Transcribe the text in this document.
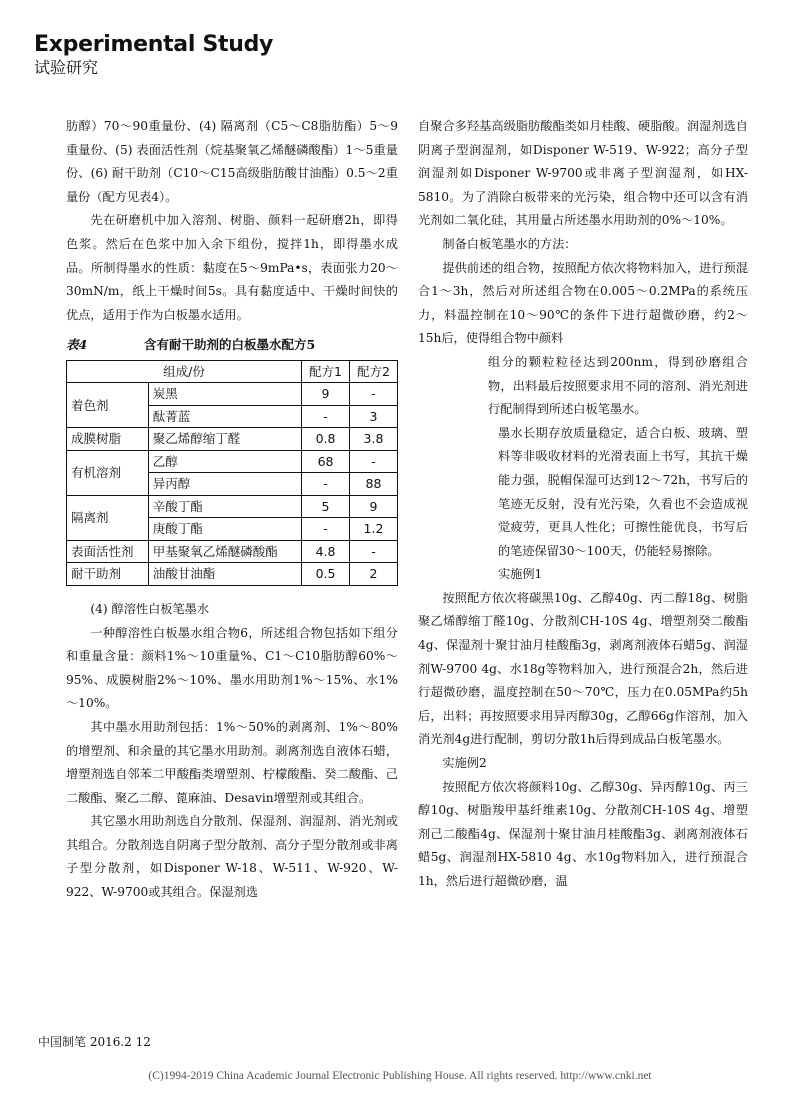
Experimental Study
试验研究

肪醇）70～90重量份、(4) 隔离剂（C5～C8脂肪酯）5～9重量份、(5) 表面活性剂（烷基聚氧乙烯醚磷酸酯）1～5重量份、(6) 耐干助剂（C10～C15高级脂肪酸甘油酯）0.5～2重量份（配方见表4）。

先在研磨机中加入溶剂、树脂、颜料一起研磨2h，即得色浆。然后在色浆中加入余下组份，搅拌1h，即得墨水成品。所制得墨水的性质：黏度在5～9mPa•s，表面张力20～30mN/m，纸上干燥时间5s。具有黏度适中、干燥时间快的优点，适用于作为白板墨水适用。

表4	含有耐干助剂的白板墨水配方5
组成/份		配方1	配方2
着色剂	炭黑	9	-
	酞菁蓝	-	3
成膜树脂	聚乙烯醇缩丁醛	0.8	3.8
有机溶剂	乙醇	68	-
	异丙醇	-	88
隔离剂	辛酸丁酯	5	9
	庚酸丁酯	-	1.2
表面活性剂	甲基聚氧乙烯醚磷酸酯	4.8	-
耐干助剂	油酸甘油酯	0.5	2

(4) 醇溶性白板笔墨水

一种醇溶性白板墨水组合物6，所述组合物包括如下组分和重量含量：颜料1%～10重量%、C1～C10脂肪醇60%～95%、成膜树脂2%～10%、墨水用助剂1%～15%、水1%～10%。

其中墨水用助剂包括：1%～50%的剥离剂、1%～80%的增塑剂、和余量的其它墨水用助剂。剥离剂选自液体石蜡，增塑剂选自邻苯二甲酸酯类增塑剂、柠檬酸酯、癸二酸酯、己二酸酯、聚乙二醇、蓖麻油、Desavin增塑剂或其组合。

其它墨水用助剂选自分散剂、保湿剂、润湿剂、消光剂或其组合。分散剂选自阴离子型分散剂、高分子型分散剂或非离子型分散剂，如Disponer W-18、W-511、W-920、W-922、W-9700或其组合。保湿剂选

自聚合多羟基高级脂肪酸酯类如月桂酸、硬脂酸。润湿剂选自阴离子型润湿剂，如Disponer W-519、W-922；高分子型润湿剂如Disponer W-9700或非离子型润湿剂，如HX-5810。为了消除白板带来的光污染，组合物中还可以含有消光剂如二氧化硅，其用量占所述墨水用助剂的0%～10%。

制备白板笔墨水的方法：

提供前述的组合物，按照配方依次将物料加入，进行预混合1～3h，然后对所述组合物在0.005～0.2MPa的系统压力，料温控制在10～90℃的条件下进行超微砂磨，约2～15h后，使得组合物中颜料

组分的颗粒粒径达到200nm，得到砂磨组合物，出料最后按照要求用不同的溶剂、消光剂进行配制得到所述白板笔墨水。

墨水长期存放质量稳定，适合白板、玻璃、塑料等非吸收材料的光滑表面上书写，其抗干燥能力强，脱帽保湿可达到12～72h，书写后的笔迹无反射，没有光污染，久看也不会造成视觉疲劳，更具人性化；可擦性能优良，书写后的笔迹保留30～100天，仍能轻易擦除。

实施例1

按照配方依次将碳黑10g、乙醇40g、丙二醇18g、树脂聚乙烯醇缩丁醛10g、分散剂CH-10S 4g、增塑剂癸二酸酯4g、保湿剂十聚甘油月桂酸酯3g，剥离剂液体石蜡5g、润湿剂W-9700 4g、水18g等物料加入，进行预混合2h，然后进行超微砂磨，温度控制在50～70℃，压力在0.05MPa约5h后，出料；再按照要求用异丙醇30g，乙醇66g作溶剂，加入消光剂4g进行配制，剪切分散1h后得到成品白板笔墨水。

实施例2

按照配方依次将颜料10g、乙醇30g、异丙醇10g、丙三醇10g、树脂羧甲基纤维素10g、分散剂CH-10S 4g、增塑剂己二酸酯4g、保湿剂十聚甘油月桂酸酯3g、剥离剂液体石蜡5g、润湿剂HX-5810 4g、水10g物料加入，进行预混合1h，然后进行超微砂磨，温

中国制笔 2016.2 12
(C)1994-2019 China Academic Journal Electronic Publishing House. All rights reserved. http://www.cnki.net
